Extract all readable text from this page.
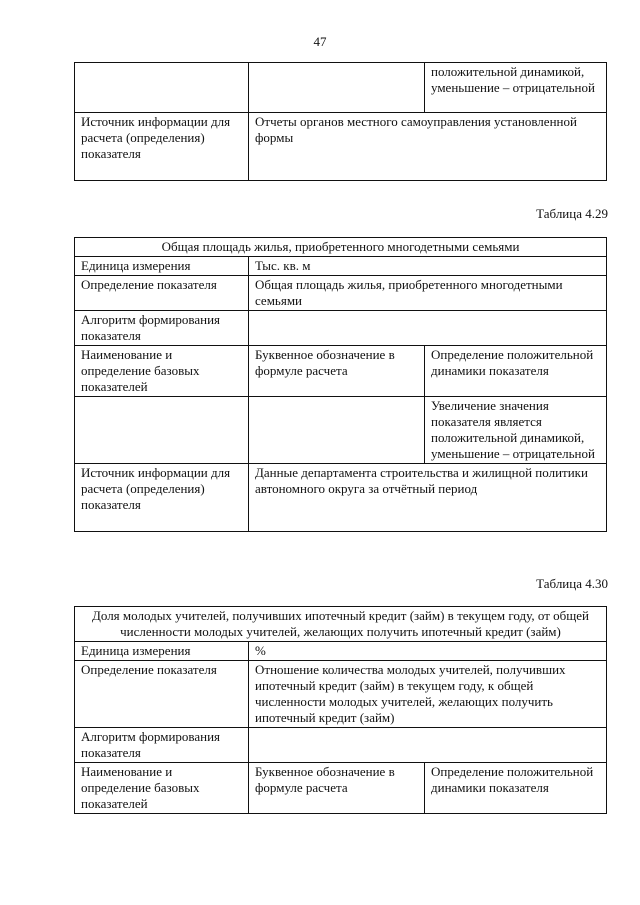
47
		положительной динамикой, уменьшение – отрицательной
Источник информации для расчета (определения) показателя	Отчеты органов местного самоуправления установленной формы	
Таблица 4.29
Общая площадь жилья, приобретенного многодетными семьями		
Единица измерения	Тыс. кв. м	
Определение показателя	Общая площадь жилья, приобретенного многодетными семьями	
Алгоритм формирования показателя		
Наименование и определение базовых показателей	Буквенное обозначение в формуле расчета	Определение положительной динамики показателя
		Увеличение значения показателя является положительной динамикой, уменьшение – отрицательной
Источник информации для расчета (определения) показателя	Данные департамента строительства и жилищной политики автономного округа за отчётный период	
Таблица 4.30
Доля молодых учителей, получивших ипотечный кредит (займ) в текущем году, от общей численности молодых учителей, желающих получить ипотечный кредит (займ)		
Единица измерения	%	
Определение показателя	Отношение количества молодых учителей, получивших ипотечный кредит (займ) в текущем году, к общей численности молодых учителей, желающих получить ипотечный кредит (займ)	
Алгоритм формирования показателя		
Наименование и определение базовых показателей	Буквенное обозначение в формуле расчета	Определение положительной динамики показателя
